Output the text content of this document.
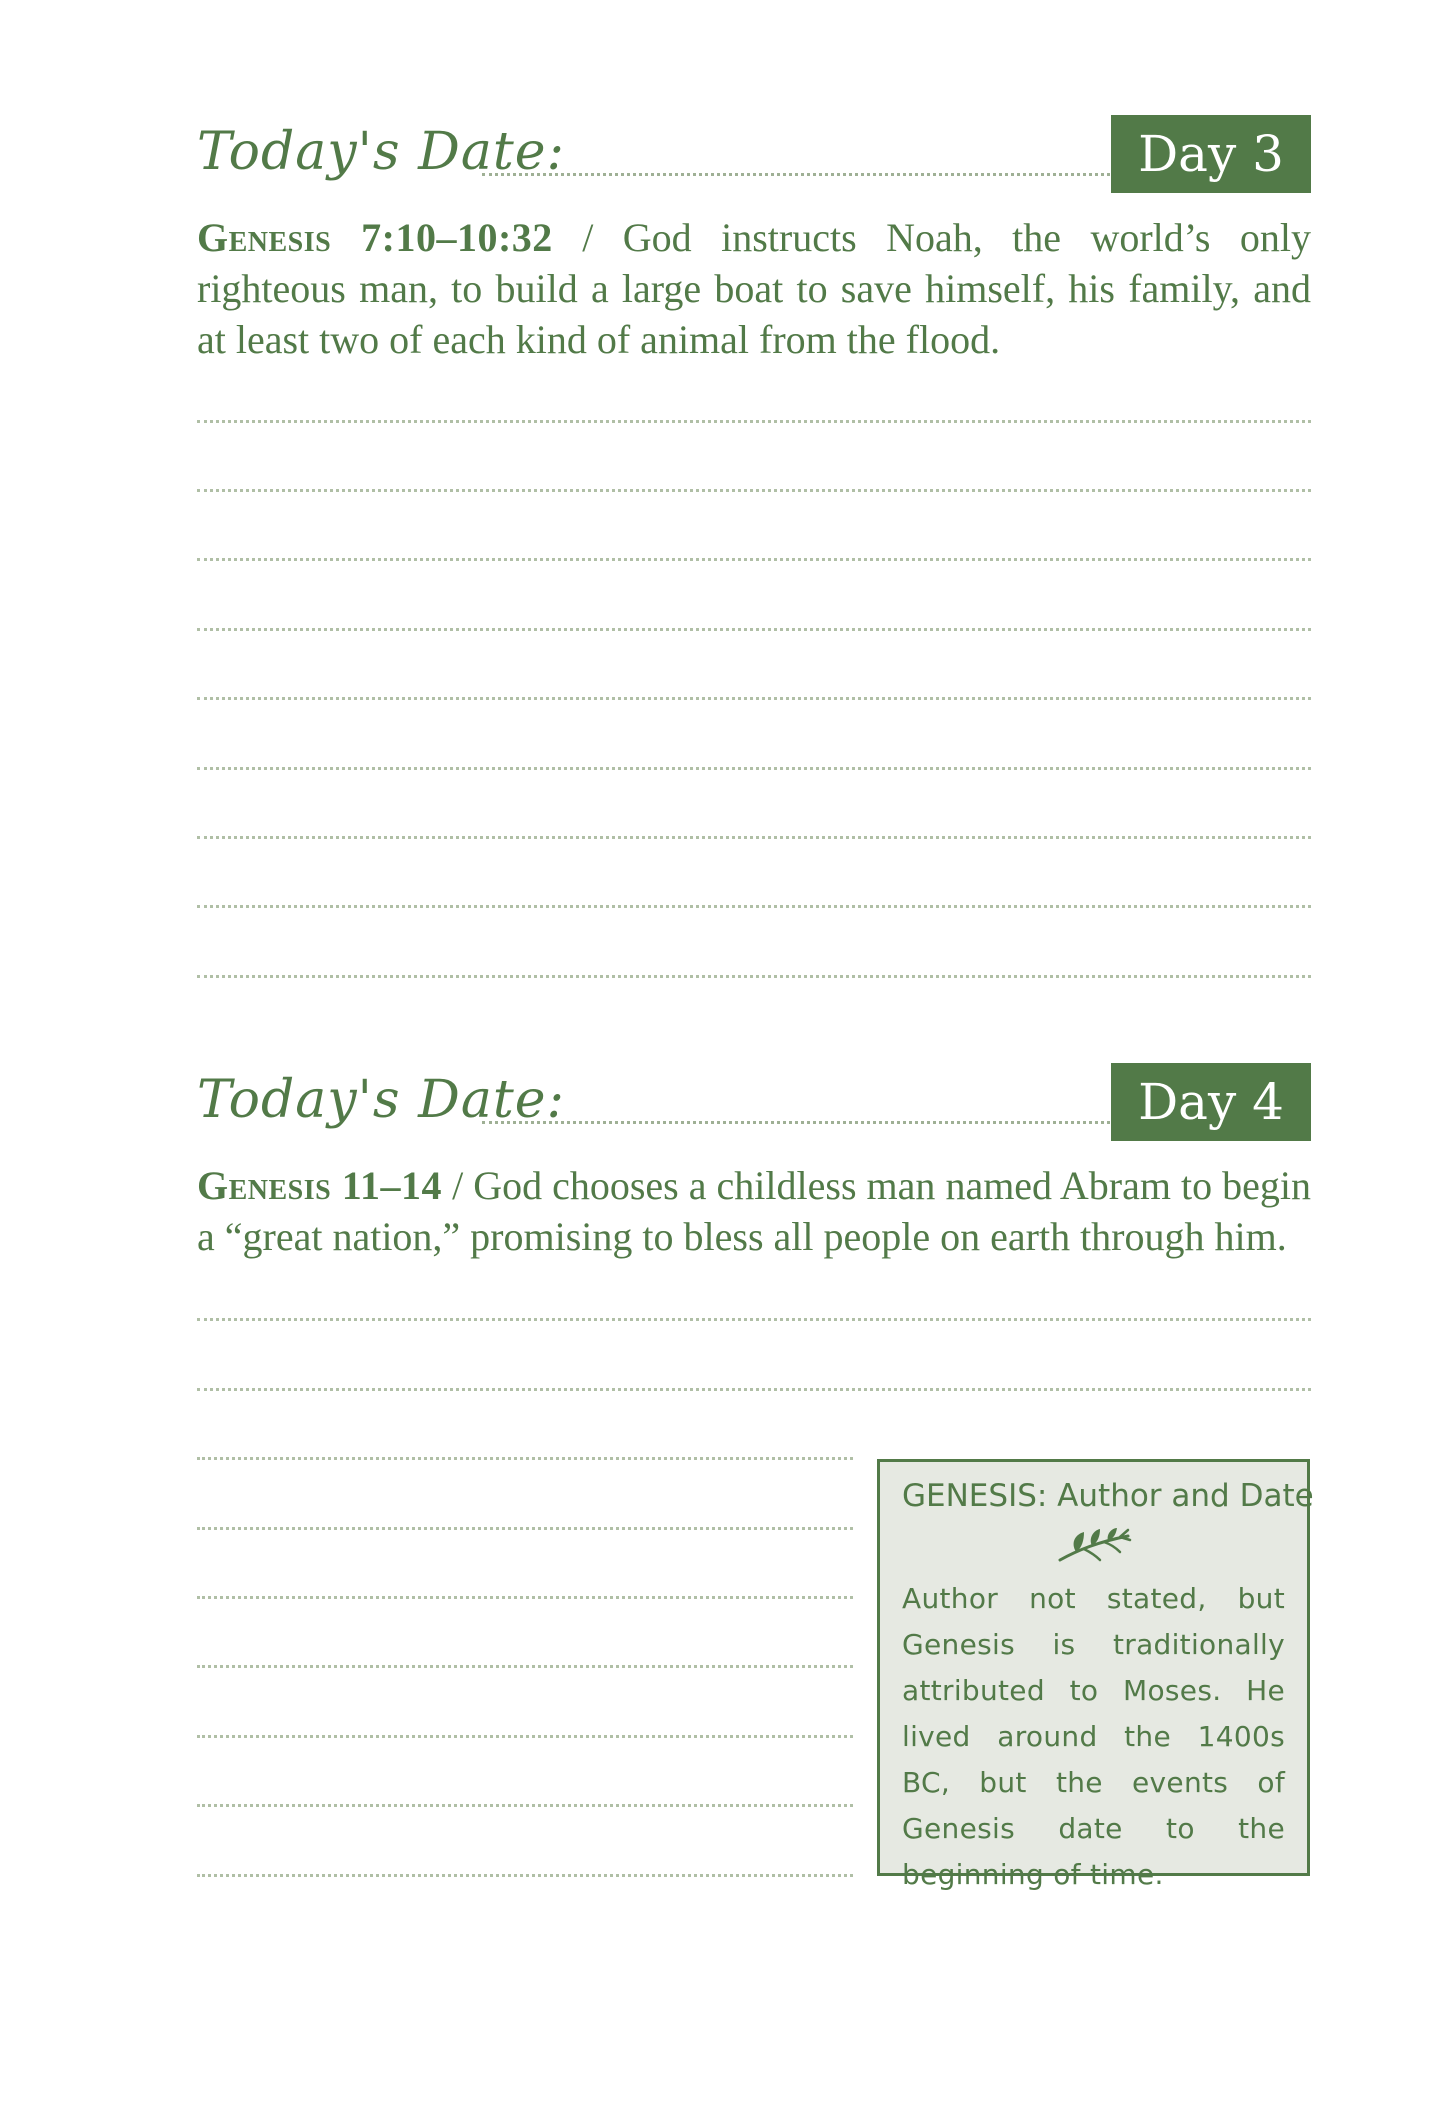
Today's Date:	Day 3

Genesis 7:10–10:32 / God instructs Noah, the world’s only righteous man, to build a large boat to save himself, his family, and at least two of each kind of animal from the flood.

Today's Date:	Day 4

Genesis 11–14 / God chooses a childless man named Abram to begin a “great nation,” promising to bless all people on earth through him.

GENESIS: Author and Date
Author not stated, but Genesis is traditionally attributed to Moses. He lived around the 1400s BC, but the events of Genesis date to the beginning of time.
